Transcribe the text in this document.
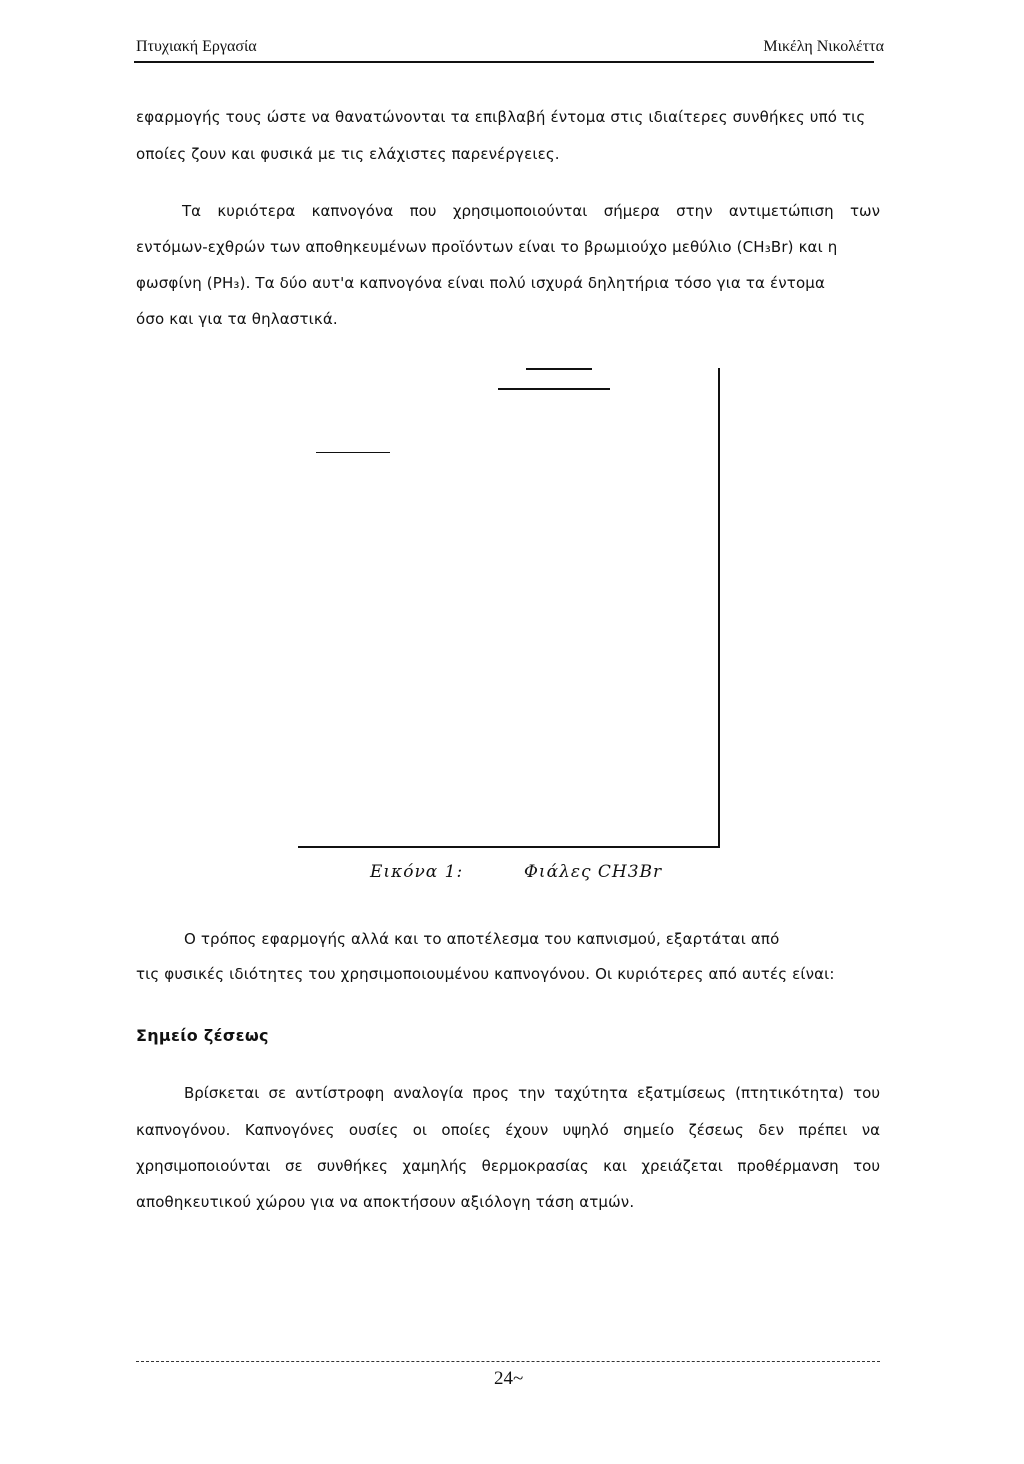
Πτυχιακή Εργασία	Μικέλη Νικολέττα
εφαρμογής τους ώστε να θανατώνονται τα επιβλαβή έντομα στις ιδιαίτερες συνθήκες υπό τις
οποίες ζουν και φυσικά με τις ελάχιστες παρενέργειες.
Τα κυριότερα καπνογόνα που χρησιμοποιούνται σήμερα στην αντιμετώπιση των
εντόμων-εχθρών των αποθηκευμένων προϊόντων είναι το βρωμιούχο μεθύλιο (CH₃Br) και η
φωσφίνη (PH₃). Τα δύο αυτ'α καπνογόνα είναι πολύ ισχυρά δηλητήρια τόσο για τα έντομα
όσο και για τα θηλαστικά.
Εικόνα 1:	Φιάλες CH3Br
Ο τρόπος εφαρμογής αλλά και το αποτέλεσμα του καπνισμού, εξαρτάται από
τις φυσικές ιδιότητες του χρησιμοποιουμένου καπνογόνου. Οι κυριότερες από αυτές είναι:
Σημείο ζέσεως
Βρίσκεται σε αντίστροφη αναλογία προς την ταχύτητα εξατμίσεως (πτητικότητα) του
καπνογόνου. Καπνογόνες ουσίες οι οποίες έχουν υψηλό σημείο ζέσεως δεν πρέπει να
χρησιμοποιούνται σε συνθήκες χαμηλής θερμοκρασίας και χρειάζεται προθέρμανση του
αποθηκευτικού χώρου για να αποκτήσουν αξιόλογη τάση ατμών.
24~
